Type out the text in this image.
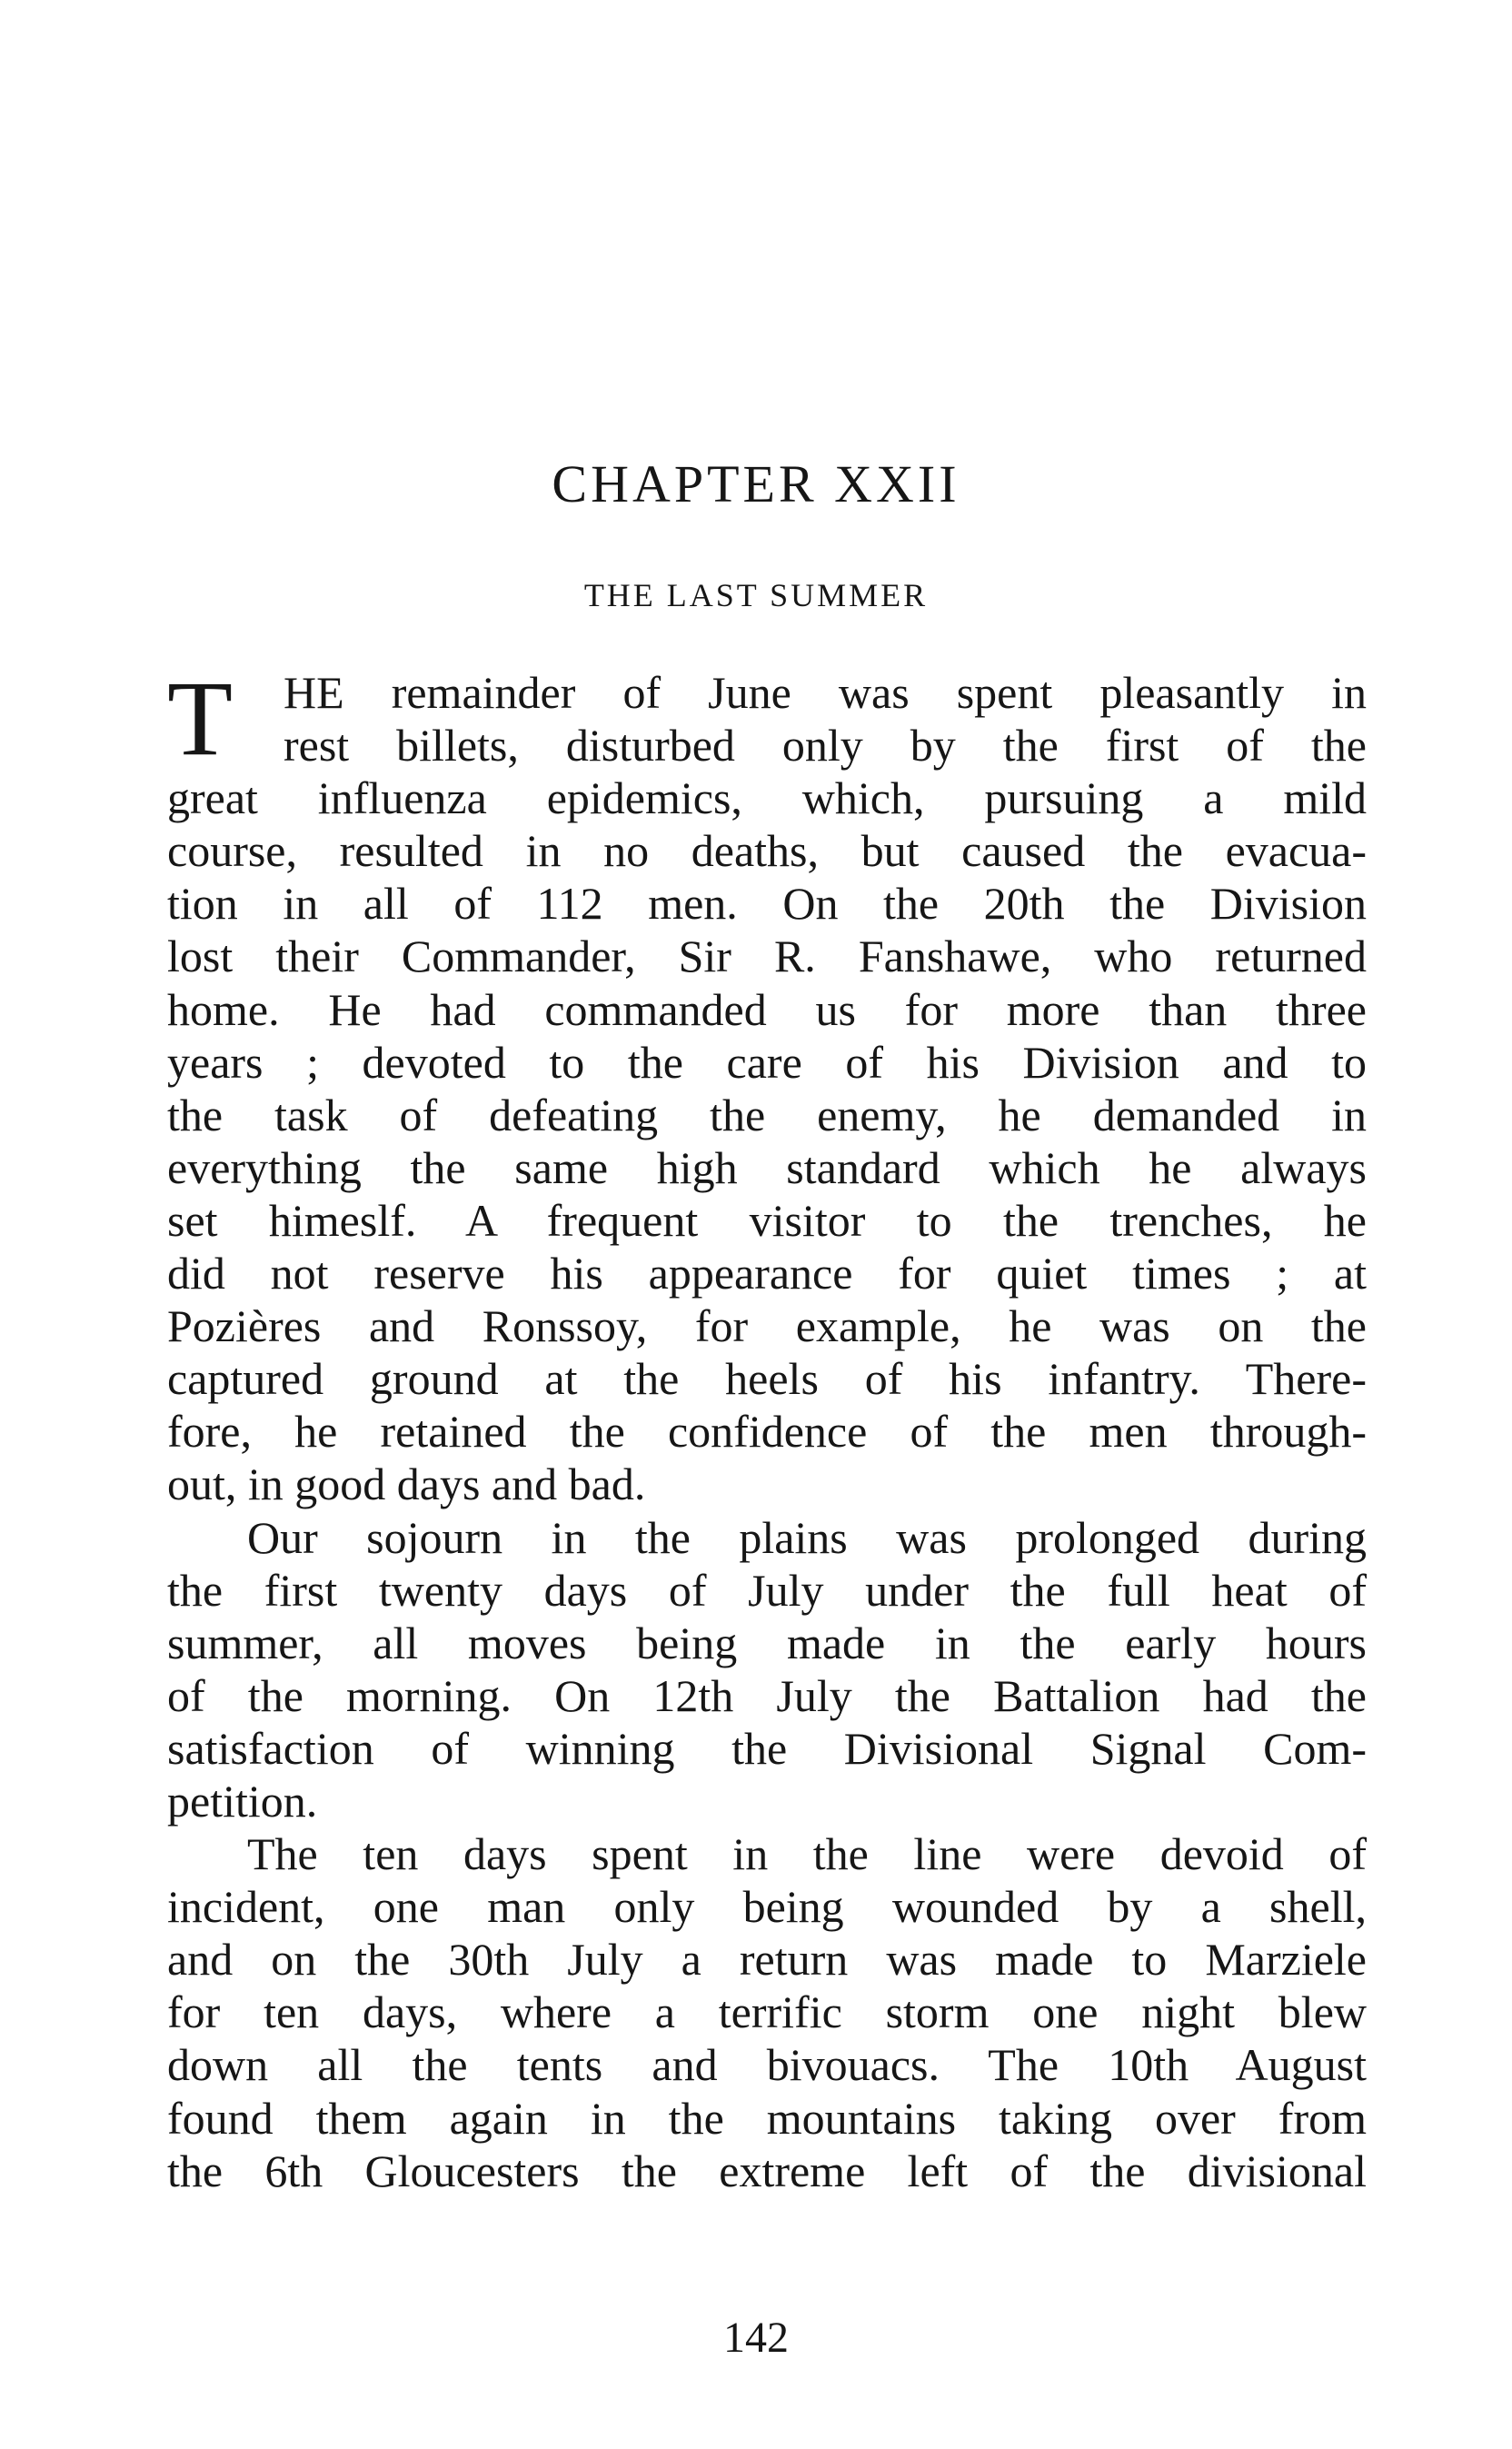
CHAPTER XXII
THE LAST SUMMER
T	HE remainder of June was spent pleasantly in
rest billets, disturbed only by the first of the
great influenza epidemics, which, pursuing a mild
course, resulted in no deaths, but caused the evacua-
tion in all of 112 men. On the 20th the Division
lost their Commander, Sir R. Fanshawe, who returned
home. He had commanded us for more than three
years ; devoted to the care of his Division and to
the task of defeating the enemy, he demanded in
everything the same high standard which he always
set himeslf. A frequent visitor to the trenches, he
did not reserve his appearance for quiet times ; at
Pozières and Ronssoy, for example, he was on the
captured ground at the heels of his infantry. There-
fore, he retained the confidence of the men through-
out, in good days and bad.
Our sojourn in the plains was prolonged during
the first twenty days of July under the full heat of
summer, all moves being made in the early hours
of the morning. On 12th July the Battalion had the
satisfaction of winning the Divisional Signal Com-
petition.
The ten days spent in the line were devoid of
incident, one man only being wounded by a shell,
and on the 30th July a return was made to Marziele
for ten days, where a terrific storm one night blew
down all the tents and bivouacs. The 10th August
found them again in the mountains taking over from
the 6th Gloucesters the extreme left of the divisional
142
